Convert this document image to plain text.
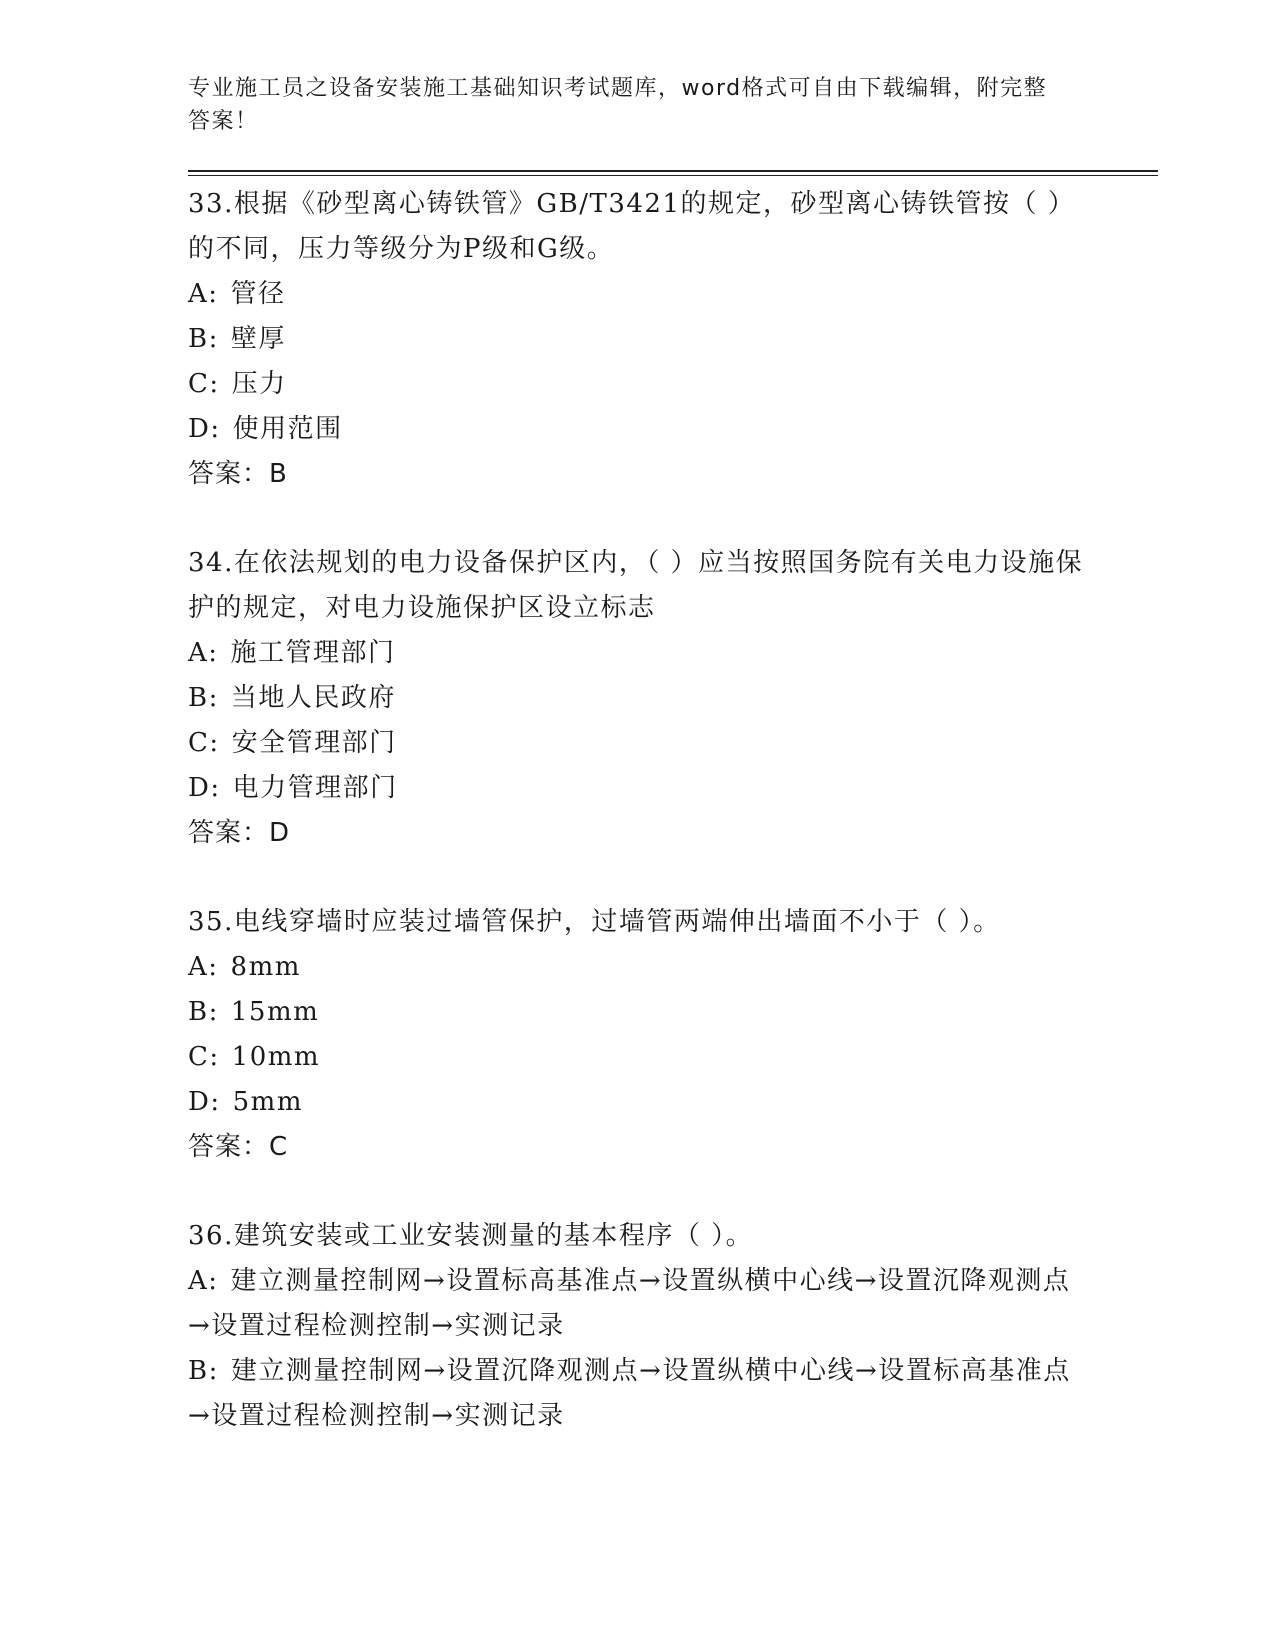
专业施工员之设备安装施工基础知识考试题库，word格式可自由下载编辑，附完整答案！
33.根据《砂型离心铸铁管》GB/T3421的规定，砂型离心铸铁管按（ ）的不同，压力等级分为P级和G级。
A: 管径
B: 壁厚
C: 压力
D: 使用范围
答案：B
34.在依法规划的电力设备保护区内，（ ）应当按照国务院有关电力设施保护的规定，对电力设施保护区设立标志
A: 施工管理部门
B: 当地人民政府
C: 安全管理部门
D: 电力管理部门
答案：D
35.电线穿墙时应装过墙管保护，过墙管两端伸出墙面不小于（ ）。
A: 8mm
B: 15mm
C: 10mm
D: 5mm
答案：C
36.建筑安装或工业安装测量的基本程序（ ）。
A: 建立测量控制网→设置标高基准点→设置纵横中心线→设置沉降观测点→设置过程检测控制→实测记录
B: 建立测量控制网→设置沉降观测点→设置纵横中心线→设置标高基准点→设置过程检测控制→实测记录
